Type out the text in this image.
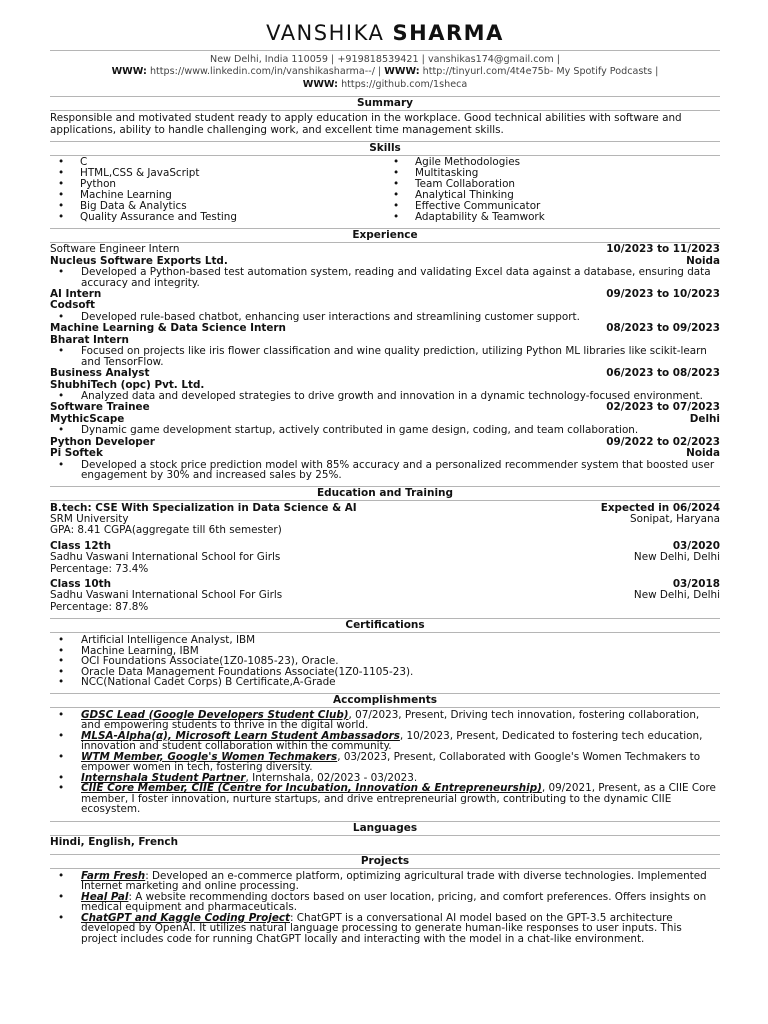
VANSHIKA SHARMA
New Delhi, India 110059 | +919818539421 | vanshikas174@gmail.com |
WWW: https://www.linkedin.com/in/vanshikasharma--/ | WWW: http://tinyurl.com/4t4e75b- My Spotify Podcasts |
WWW: https://github.com/1sheca
Summary
Responsible and motivated student ready to apply education in the workplace. Good technical abilities with software and applications, ability to handle challenging work, and excellent time management skills.
Skills
• C
• HTML,CSS & JavaScript
• Python
• Machine Learning
• Big Data & Analytics
• Quality Assurance and Testing
• Agile Methodologies
• Multitasking
• Team Collaboration
• Analytical Thinking
• Effective Communicator
• Adaptability & Teamwork
Experience
Software Engineer Intern	10/2023 to 11/2023
Nucleus Software Exports Ltd.	Noida
• Developed a Python-based test automation system, reading and validating Excel data against a database, ensuring data accuracy and integrity.
AI Intern	09/2023 to 10/2023
Codsoft
• Developed rule-based chatbot, enhancing user interactions and streamlining customer support.
Machine Learning & Data Science Intern	08/2023 to 09/2023
Bharat Intern
• Focused on projects like iris flower classification and wine quality prediction, utilizing Python ML libraries like scikit-learn and TensorFlow.
Business Analyst	06/2023 to 08/2023
ShubhiTech (opc) Pvt. Ltd.
• Analyzed data and developed strategies to drive growth and innovation in a dynamic technology-focused environment.
Software Trainee	02/2023 to 07/2023
MythicScape	Delhi
• Dynamic game development startup, actively contributed in game design, coding, and team collaboration.
Python Developer	09/2022 to 02/2023
Pi Softek	Noida
• Developed a stock price prediction model with 85% accuracy and a personalized recommender system that boosted user engagement by 30% and increased sales by 25%.
Education and Training
B.tech: CSE With Specialization in Data Science & AI	Expected in 06/2024
SRM University	Sonipat, Haryana
GPA: 8.41 CGPA(aggregate till 6th semester)
Class 12th	03/2020
Sadhu Vaswani International School for Girls	New Delhi, Delhi
Percentage: 73.4%
Class 10th	03/2018
Sadhu Vaswani International School For Girls	New Delhi, Delhi
Percentage: 87.8%
Certifications
• Artificial Intelligence Analyst, IBM
• Machine Learning, IBM
• OCI Foundations Associate(1Z0-1085-23), Oracle.
• Oracle Data Management Foundations Associate(1Z0-1105-23).
• NCC(National Cadet Corps) B Certificate,A-Grade
Accomplishments
• GDSC Lead (Google Developers Student Club), 07/2023, Present, Driving tech innovation, fostering collaboration, and empowering students to thrive in the digital world.
• MLSA-Alpha(α), Microsoft Learn Student Ambassadors, 10/2023, Present, Dedicated to fostering tech education, innovation and student collaboration within the community.
• WTM Member, Google's Women Techmakers, 03/2023, Present, Collaborated with Google's Women Techmakers to empower women in tech, fostering diversity.
• Internshala Student Partner, Internshala, 02/2023 - 03/2023.
• CIIE Core Member, CIIE (Centre for Incubation, Innovation & Entrepreneurship), 09/2021, Present, as a CIIE Core member, I foster innovation, nurture startups, and drive entrepreneurial growth, contributing to the dynamic CIIE ecosystem.
Languages
Hindi, English, French
Projects
• Farm Fresh: Developed an e-commerce platform, optimizing agricultural trade with diverse technologies. Implemented Internet marketing and online processing.
• Heal Pal: A website recommending doctors based on user location, pricing, and comfort preferences. Offers insights on medical equipment and pharmaceuticals.
• ChatGPT and Kaggle Coding Project: ChatGPT is a conversational AI model based on the GPT-3.5 architecture developed by OpenAI. It utilizes natural language processing to generate human-like responses to user inputs. This project includes code for running ChatGPT locally and interacting with the model in a chat-like environment.
